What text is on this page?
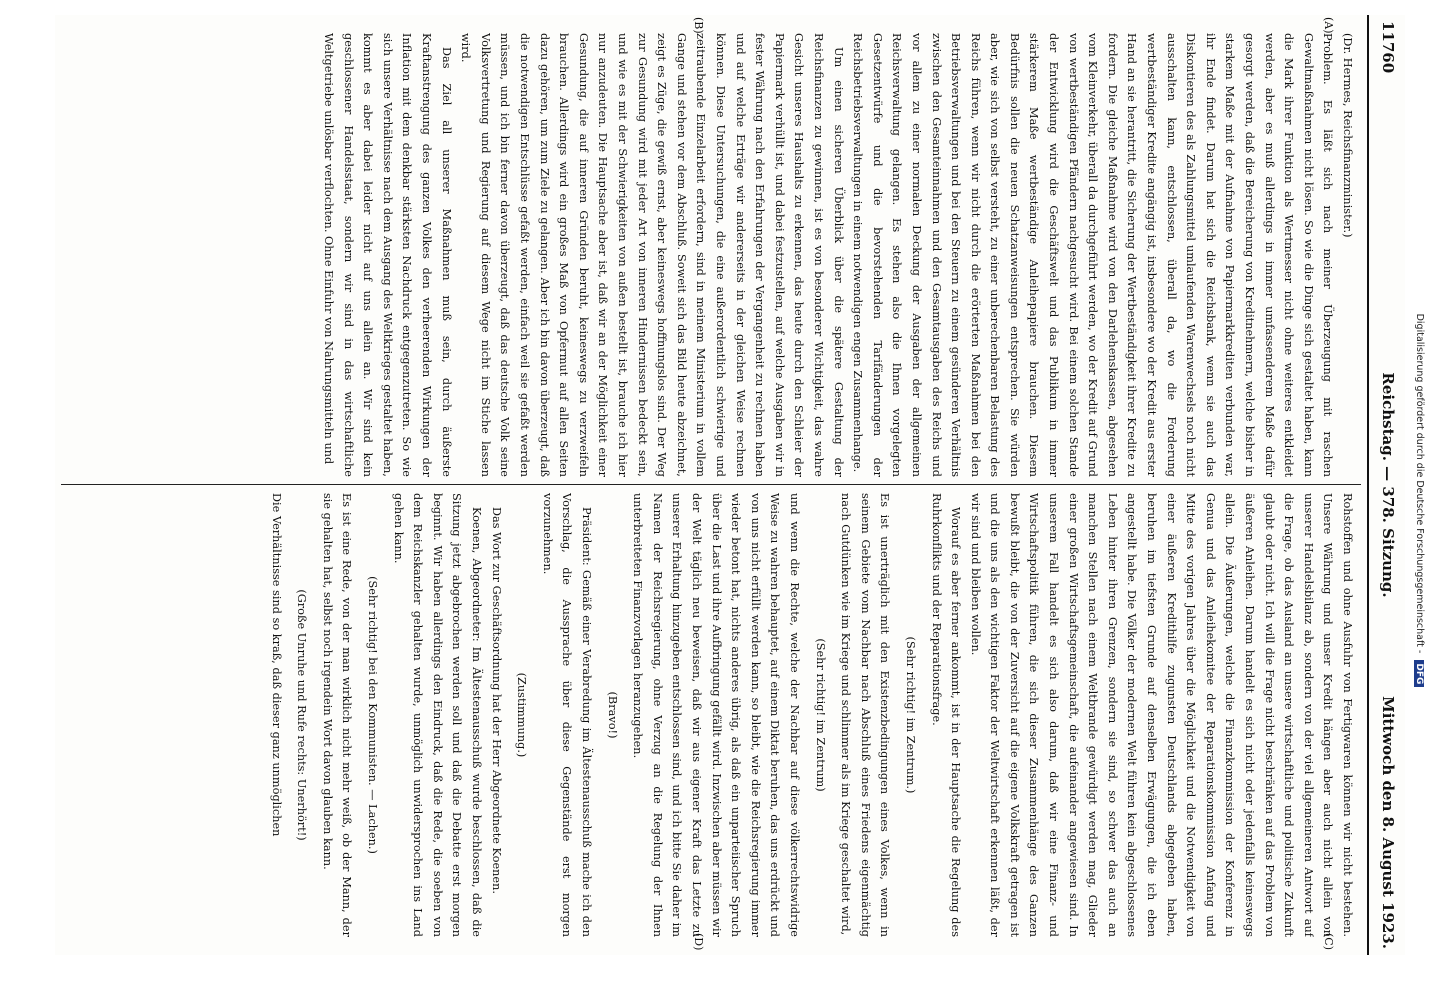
11760
Reichstag. — 378. Sitzung.
Mittwoch den 8. August 1923.
(A)
(B)
(C)
(D)

(Dr. Hermes, Reichsfinanzminister.)

Problem. Es läßt sich nach meiner Überzeugung mit raschen Gewaltmaßnahmen nicht lösen. So wie die Dinge sich gestaltet haben, kann die Mark ihrer Funktion als Wertmesser nicht ohne weiteres entkleidet werden, aber es muß allerdings in immer umfassenderem Maße dafür gesorgt werden, daß die Bereicherung von Kreditnehmern, welche bisher in starkem Maße mit der Aufnahme von Papiermarkkrediten verbunden war, ihr Ende findet. Darum hat sich die Reichsbank, wenn sie auch das Diskontieren des als Zahlungsmittel umlaufenden Warenwechsels noch nicht ausschalten kann, entschlossen, überall da, wo die Forderung wertbeständiger Kredite angängig ist, insbesondere wo der Kredit aus erster Hand an sie herantritt, die Sicherung der Wertbeständigkeit ihrer Kredite zu fordern. Die gleiche Maßnahme wird von den Darlehenskassen, abgesehen vom Kleinverkehr, überall da durchgeführt werden, wo der Kredit auf Grund von wertbeständigen Pfändern nachgesucht wird. Bei einem solchen Stande der Entwicklung wird die Geschäftswelt und das Publikum in immer stärkerem Maße wertbeständige Anleihepapiere brauchen. Diesem Bedürfnis sollen die neuen Schatzanweisungen entsprechen. Sie würden aber, wie sich von selbst versteht, zu einer unberechenbaren Belastung des Reichs führen, wenn wir nicht durch die erörterten Maßnahmen bei den Betriebsverwaltungen und bei den Steuern zu einem gesünderen Verhältnis zwischen den Gesamteinnahmen und den Gesamtausgaben des Reichs und vor allem zu einer normalen Deckung der Ausgaben der allgemeinen Reichsverwaltung gelangen. Es stehen also die Ihnen vorgelegten Gesetzentwürfe und die bevorstehenden Tarifänderungen der Reichsbetriebsverwaltungen in einem notwendigen engen Zusammenhange.

Um einen sicheren Überblick über die spätere Gestaltung der Reichsfinanzen zu gewinnen, ist es von besonderer Wichtigkeit, das wahre Gesicht unseres Haushalts zu erkennen, das heute durch den Schleier der Papiermark verhüllt ist, und dabei festzustellen, auf welche Ausgaben wir in fester Währung nach den Erfahrungen der Vergangenheit zu rechnen haben und auf welche Erträge wir andererseits in der gleichen Weise rechnen können. Diese Untersuchungen, die eine außerordentlich schwierige und zeitraubende Einzelarbeit erfordern, sind in meinem Ministerium in vollem Gange und stehen vor dem Abschluß. Soweit sich das Bild heute abzeichnet, zeigt es Züge, die gewiß ernst, aber keineswegs hoffnungslos sind. Der Weg zur Gesundung wird mit jeder Art von inneren Hindernissen bedeckt sein, und wie es mit der Schwierigkeiten von außen bestellt ist, brauche ich hier nur anzudeuten. Die Hauptsache aber ist, daß wir an der Möglichkeit einer Gesundung, die auf inneren Gründen beruht, keineswegs zu verzweifeln brauchen. Allerdings wird ein großes Maß von Opfermut auf allen Seiten dazu gehören, um zum Ziele zu gelangen. Aber ich bin davon überzeugt, daß die notwendigen Entschlüsse gefaßt werden, einfach weil sie gefaßt werden müssen, und ich bin ferner davon überzeugt, daß das deutsche Volk seine Volksvertretung und Regierung auf diesem Wege nicht im Stiche lassen wird.

Das Ziel all unserer Maßnahmen muß sein, durch äußerste Kraftanstrengung des ganzen Volkes den verheerenden Wirkungen der Inflation mit dem denkbar stärksten Nachdruck entgegenzutreten. So wie sich unsere Verhältnisse nach dem Ausgang des Weltkrieges gestaltet haben, kommt es aber dabei leider nicht auf uns allein an. Wir sind kein geschlossener Handelsstaat, sondern wir sind in das wirtschaftliche Weltgetriebe unlösbar verflochten. Ohne Einfuhr von Nahrungsmitteln und

Rohstoffen und ohne Ausfuhr von Fertigwaren können wir nicht bestehen. Unsere Währung und unser Kredit hängen aber auch nicht allein von unserer Handelsbilanz ab, sondern von der viel allgemeineren Antwort auf die Frage, ob das Ausland an unsere wirtschaftliche und politische Zukunft glaubt oder nicht. Ich will die Frage nicht beschränken auf das Problem von äußeren Anleihen. Darum handelt es sich nicht oder jedenfalls keineswegs allein. Die Äußerungen, welche die Finanzkommission der Konferenz in Genua und das Anleihekomitee der Reparationskommission Anfang und Mitte des vorigen Jahres über die Möglichkeit und die Notwendigkeit von einer äußeren Kredithilfe zugunsten Deutschlands abgegeben haben, beruhen im tiefsten Grunde auf denselben Erwägungen, die ich eben angestellt habe. Die Völker der modernen Welt führen kein abgeschlossenes Leben hinter ihren Grenzen, sondern sie sind, so schwer das auch an manchen Stellen nach einem Weltbrande gewürdigt werden mag, Glieder einer großen Wirtschaftsgemeinschaft, die aufeinander angewiesen sind. In unserem Fall handelt es sich also darum, daß wir eine Finanz- und Wirtschaftspolitik führen, die sich dieser Zusammenhänge des Ganzen bewußt bleibt, die von der Zuversicht auf die eigene Volkskraft getragen ist und die uns als den wichtigen Faktor der Weltwirtschaft erkennen läßt, der wir sind und bleiben wollen.

Worauf es aber ferner ankommt, ist in der Hauptsache die Regelung des Ruhrkonflikts und der Reparationsfrage.

(Sehr richtig! im Zentrum.)

Es ist unerträglich mit den Existenzbedingungen eines Volkes, wenn in seinem Gebiete vom Nachbar nach Abschluß eines Friedens eigenmächtig nach Gutdünken wie im Kriege und schlimmer als im Kriege geschaltet wird,

(Sehr richtig! im Zentrum)

und wenn die Rechte, welche der Nachbar auf diese völkerrechtswidrige Weise zu wahren behauptet, auf einem Diktat beruhen, das uns erdrückt und von uns nicht erfüllt werden kann, so bleibt, wie die Reichsregierung immer wieder betont hat, nichts anderes übrig, als daß ein unparteiischer Spruch über die Last und ihre Aufbringung gefällt wird. Inzwischen aber müssen wir der Welt täglich neu beweisen, daß wir aus eigener Kraft das Letzte zu unserer Erhaltung hinzugeben entschlossen sind, und ich bitte Sie daher im Namen der Reichsregierung, ohne Verzug an die Regelung der Ihnen unterbreiteten Finanzvorlagen heranzugehen.

(Bravo!)

Präsident: Gemäß einer Verabredung im Ältestenausschuß mache ich den Vorschlag, die Aussprache über diese Gegenstände erst morgen vorzunehmen.

(Zustimmung.)

Das Wort zur Geschäftsordnung hat der Herr Abgeordnete Koenen.

Koenen, Abgeordneter: Im Ältestenausschuß wurde beschlossen, daß die Sitzung jetzt abgebrochen werden soll und daß die Debatte erst morgen beginnt. Wir haben allerdings den Eindruck, daß die Rede, die soeben von dem Reichskanzler gehalten wurde, unmöglich unwidersprochen ins Land gehen kann.

(Sehr richtig! bei den Kommunisten. — Lachen.)

Es ist eine Rede, von der man wirklich nicht mehr weiß, ob der Mann, der sie gehalten hat, selbst noch irgendein Wort davon glauben kann.

(Große Unruhe und Rufe rechts: Unerhört!)

Die Verhältnisse sind so kraß, daß dieser ganz unmöglichen

Digitalisierung gefördert durch die Deutsche Forschungsgemeinschaft - DFG
